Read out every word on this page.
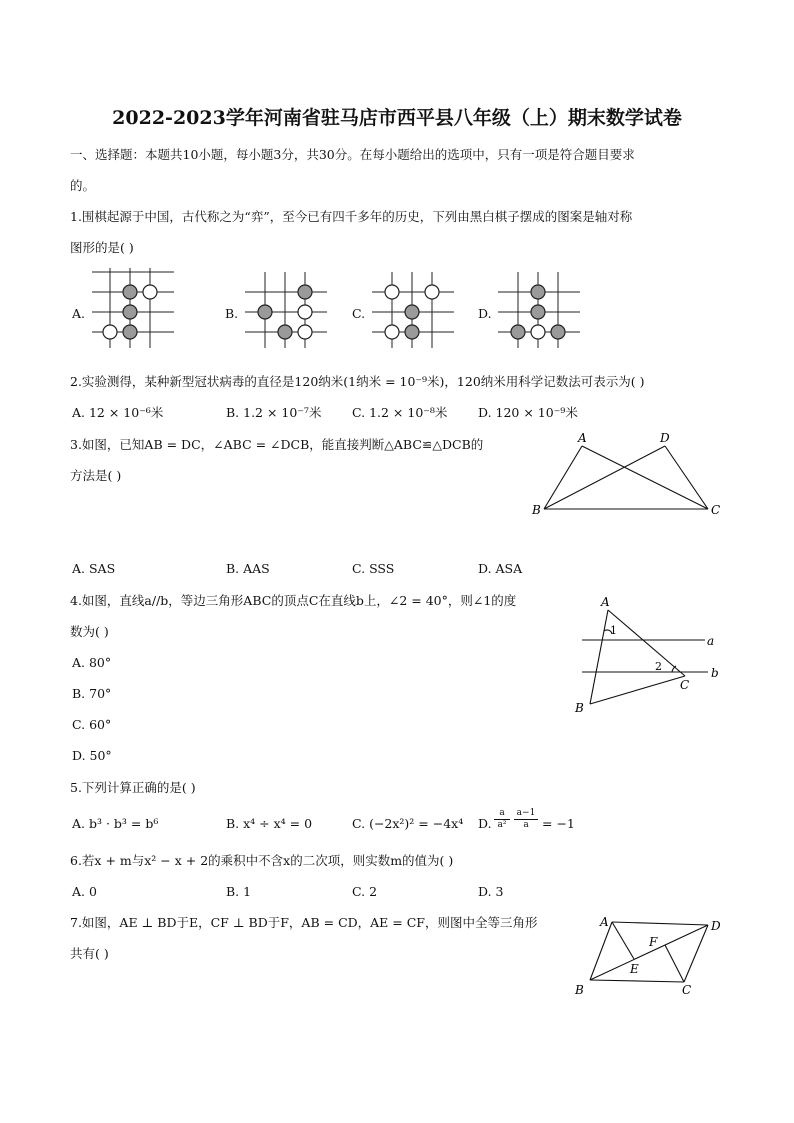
2022-2023学年河南省驻马店市西平县八年级（上）期末数学试卷
一、选择题：本题共10小题，每小题3分，共30分。在每小题给出的选项中，只有一项是符合题目要求
的。
1.围棋起源于中国，古代称之为“弈”，至今已有四千多年的历史，下列由黑白棋子摆成的图案是轴对称
图形的是( )
A.	B.	C.	D.
2.实验测得，某种新型冠状病毒的直径是120纳米(1纳米 = 10⁻⁹米)，120纳米用科学记数法可表示为( )
A. 12 × 10⁻⁶米	B. 1.2 × 10⁻⁷米 C. 1.2 × 10⁻⁸米 D. 120 × 10⁻⁹米
3.如图，已知AB = DC，∠ABC = ∠DCB，能直接判断△ABC≌△DCB的
方法是( )
A	D
B	C
A. SAS	B. AAS	C. SSS	D. ASA
4.如图，直线a//b，等边三角形ABC的顶点C在直线b上，∠2 = 40°，则∠1的度
数为( )
A
1
a
2	b
C
B
A. 80°
B. 70°
C. 60°
D. 50°
5.下列计算正确的是( )
A. b³ · b³ = b⁶	B. x⁴ ÷ x⁴ = 0	C. (−2x²)² = −4x⁴ D. $\frac{a}{\text{a²}} \frac{a-1}{a} = -1$
6.若x + m与x² − x + 2的乘积中不含x的二次项，则实数m的值为( )
A. 0	B. 1	C. 2	D. 3
7.如图，AE ⊥ BD于E，CF ⊥ BD于F，AB = CD，AE = CF，则图中全等三角形
共有( )
A	D
F
E
B	C
